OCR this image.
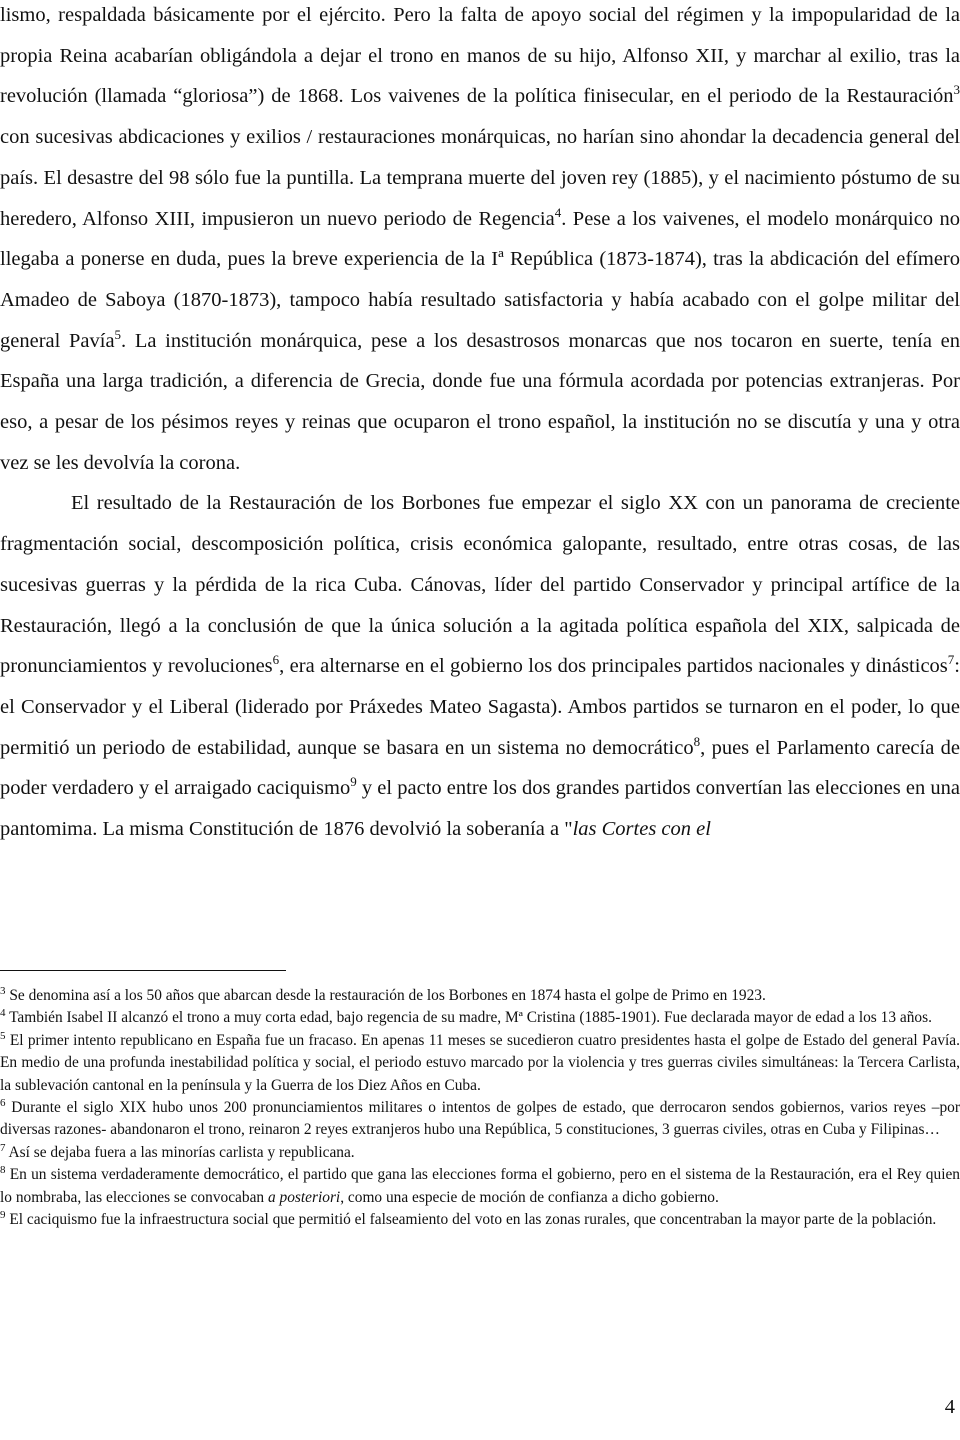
lismo, respaldada básicamente por el ejército. Pero la falta de apoyo social del régimen y la impopularidad de la propia Reina acabarían obligándola a dejar el trono en manos de su hijo, Alfonso XII, y marchar al exilio, tras la revolución (llamada “gloriosa”) de 1868. Los vaivenes de la política finisecular, en el periodo de la Restauración$^3$ con sucesivas abdicaciones y exilios / restauraciones monárquicas, no harían sino ahondar la decadencia general del país. El desastre del 98 sólo fue la puntilla. La temprana muerte del joven rey (1885), y el nacimiento póstumo de su heredero, Alfonso XIII, impusieron un nuevo periodo de Regencia$^4$. Pese a los vaivenes, el modelo monárquico no llegaba a ponerse en duda, pues la breve experiencia de la Iª República (1873-1874), tras la abdicación del efímero Amadeo de Saboya (1870-1873), tampoco había resultado satisfactoria y había acabado con el golpe militar del general Pavía$^5$. La institución monárquica, pese a los desastrosos monarcas que nos tocaron en suerte, tenía en España una larga tradición, a diferencia de Grecia, donde fue una fórmula acordada por potencias extranjeras. Por eso, a pesar de los pésimos reyes y reinas que ocuparon el trono español, la institución no se discutía y una y otra vez se les devolvía la corona.

El resultado de la Restauración de los Borbones fue empezar el siglo XX con un panorama de creciente fragmentación social, descomposición política, crisis económica galopante, resultado, entre otras cosas, de las sucesivas guerras y la pérdida de la rica Cuba. Cánovas, líder del partido Conservador y principal artífice de la Restauración, llegó a la conclusión de que la única solución a la agitada política española del XIX, salpicada de pronunciamientos y revoluciones$^6$, era alternarse en el gobierno los dos principales partidos nacionales y dinásticos$^7$: el Conservador y el Liberal (liderado por Práxedes Mateo Sagasta). Ambos partidos se turnaron en el poder, lo que permitió un periodo de estabilidad, aunque se basara en un sistema no democrático$^8$, pues el Parlamento carecía de poder verdadero y el arraigado caciquismo$^9$ y el pacto entre los dos grandes partidos convertían las elecciones en una pantomima. La misma Constitución de 1876 devolvió la soberanía a "las Cortes con el

$^3$ Se denomina así a los 50 años que abarcan desde la restauración de los Borbones en 1874 hasta el golpe de Primo en 1923.

$^4$ También Isabel II alcanzó el trono a muy corta edad, bajo regencia de su madre, Mª Cristina (1885-1901). Fue declarada mayor de edad a los 13 años.

$^5$ El primer intento republicano en España fue un fracaso. En apenas 11 meses se sucedieron cuatro presidentes hasta el golpe de Estado del general Pavía. En medio de una profunda inestabilidad política y social, el periodo estuvo marcado por la violencia y tres guerras civiles simultáneas: la Tercera Carlista, la sublevación cantonal en la península y la Guerra de los Diez Años en Cuba.

$^6$ Durante el siglo XIX hubo unos 200 pronunciamientos militares o intentos de golpes de estado, que derrocaron sendos gobiernos, varios reyes –por diversas razones- abandonaron el trono, reinaron 2 reyes extranjeros hubo una República, 5 constituciones, 3 guerras civiles, otras en Cuba y Filipinas…

$^7$ Así se dejaba fuera a las minorías carlista y republicana.

$^8$ En un sistema verdaderamente democrático, el partido que gana las elecciones forma el gobierno, pero en el sistema de la Restauración, era el Rey quien lo nombraba, las elecciones se convocaban a posteriori, como una especie de moción de confianza a dicho gobierno.

$^9$ El caciquismo fue la infraestructura social que permitió el falseamiento del voto en las zonas rurales, que concentraban la mayor parte de la población.

4
